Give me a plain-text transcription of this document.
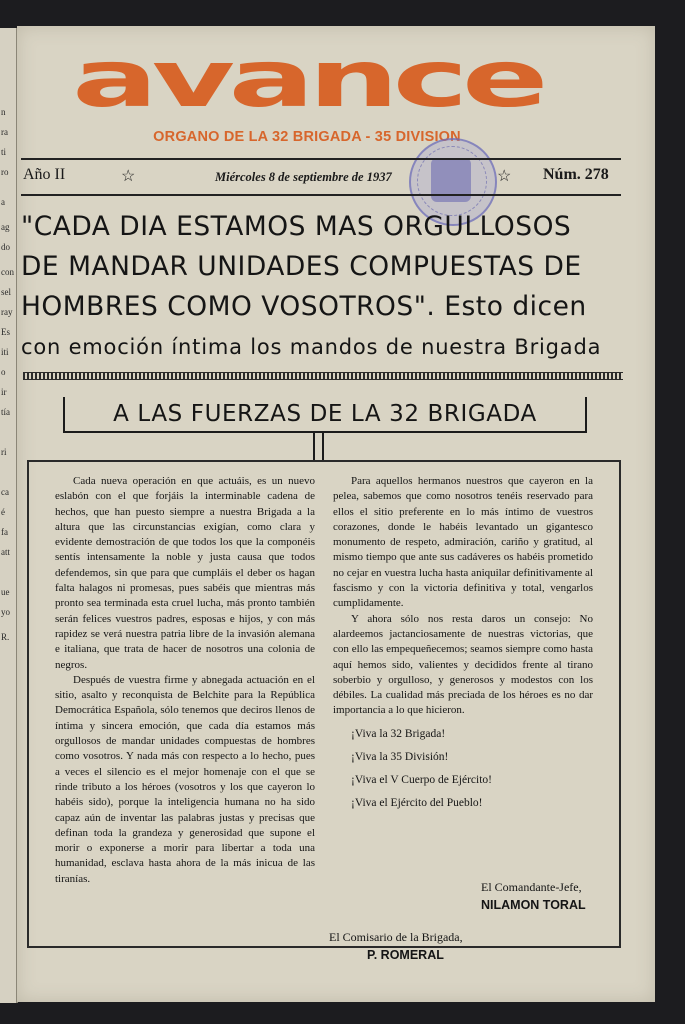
n
ra
ti
ro
a
ag
do
con
sel
ray
Es
iti
o
ir
tía
ri
ca
é
fa
att
ue
yo
R.
avance
ORGANO DE LA 32 BRIGADA - 35 DIVISION
Año II	☆	Miércoles 8 de septiembre de 1937	☆ Núm. 278
"CADA DIA ESTAMOS MAS ORGULLOSOS
DE MANDAR UNIDADES COMPUESTAS DE
HOMBRES COMO VOSOTROS". Esto dicen
con emoción íntima los mandos de nuestra Brigada
A LAS FUERZAS DE LA 32 BRIGADA

Cada nueva operación en que actuáis, es un nuevo eslabón con el que forjáis la interminable cadena de hechos, que han puesto siempre a nuestra Brigada a la altura que las circunstancias exigían, como clara y evidente demostración de que todos los que la componéis sentís intensamente la noble y justa causa que todos defendemos, sin que para que cumpláis el deber os hagan falta halagos ni promesas, pues sabéis que mientras más pronto sea terminada esta cruel lucha, más pronto también serán felices vuestros padres, esposas e hijos, y con más rapidez se verá nuestra patria libre de la invasión alemana e italiana, que trata de hacer de nosotros una colonia de negros.

Después de vuestra firme y abnegada actuación en el sitio, asalto y reconquista de Belchite para la República Democrática Española, sólo tenemos que deciros llenos de íntima y sincera emoción, que cada día estamos más orgullosos de mandar unidades compuestas de hombres como vosotros. Y nada más con respecto a lo hecho, pues a veces el silencio es el mejor homenaje con el que se rinde tributo a los héroes (vosotros y los que cayeron lo habéis sido), porque la inteligencia humana no ha sido capaz aún de inventar las palabras justas y precisas que definan toda la grandeza y generosidad que supone el morir o exponerse a morir para libertar a toda una humanidad, esclava hasta ahora de la más inicua de las tiranías.

Para aquellos hermanos nuestros que cayeron en la pelea, sabemos que como nosotros tenéis reservado para ellos el sitio preferente en lo más íntimo de vuestros corazones, donde le habéis levantado un gigantesco monumento de respeto, admiración, cariño y gratitud, al mismo tiempo que ante sus cadáveres os habéis prometido no cejar en vuestra lucha hasta aniquilar definitivamente al fascismo y con la victoria definitiva y total, vengarlos cumplidamente.

Y ahora sólo nos resta daros un consejo: No alardeemos jactanciosamente de nuestras victorias, que con ello las empequeñecemos; seamos siempre como hasta aquí hemos sido, valientes y decididos frente al tirano soberbio y orgulloso, y generosos y modestos con los débiles. La cualidad más preciada de los héroes es no dar importancia a lo que hicieron.

¡Viva la 32 Brigada!

¡Viva la 35 División!

¡Viva el V Cuerpo de Ejército!

¡Viva el Ejército del Pueblo!

El Comandante-Jefe,
NILAMON TORAL
El Comisario de la Brigada,
P. ROMERAL
